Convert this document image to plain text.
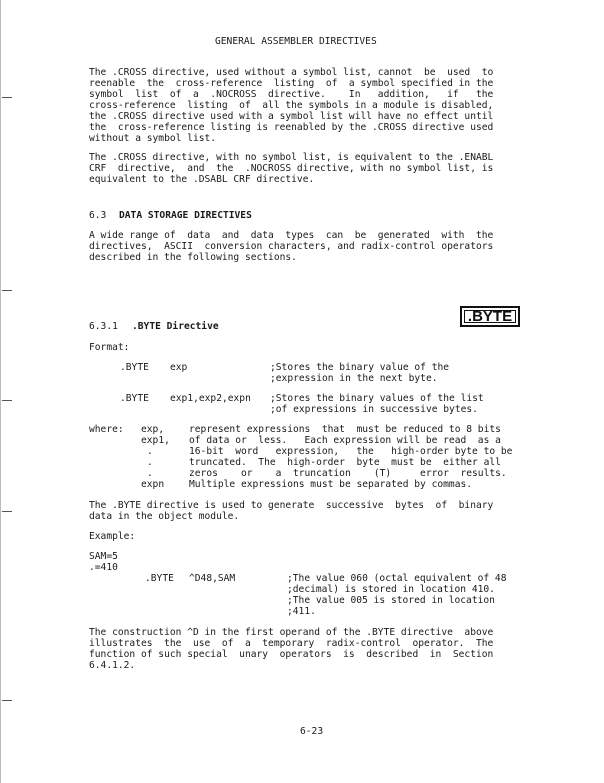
GENERAL ASSEMBLER DIRECTIVES
The .CROSS directive, used without a symbol list, cannot  be  used  to
reenable  the  cross-reference  listing  of  a symbol specified in the
symbol  list  of  a  .NOCROSS  directive.    In   addition,   if   the
cross-reference  listing  of  all the symbols in a module is disabled,
the .CROSS directive used with a symbol list will have no effect until
the  cross-reference listing is reenabled by the .CROSS directive used
without a symbol list.
The .CROSS directive, with no symbol list, is equivalent to the .ENABL
CRF  directive,  and  the  .NOCROSS directive, with no symbol list, is
equivalent to the .DSABL CRF directive.
6.3 DATA STORAGE DIRECTIVES
A wide range of  data  and  data  types  can  be  generated  with  the
directives,  ASCII  conversion characters, and radix-control operators
described in the following sections.
.BYTE
6.3.1 .BYTE Directive
Format:
.BYTE exp	;Stores the binary value of the
;expression in the next byte.
.BYTE exp1,exp2,expn ;Stores the binary values of the list
;of expressions in successive bytes.
where: exp,
exp1,
.
.
.
expn
represent expressions  that  must be reduced to 8 bits
of data or  less.   Each expression will be read  as a
16-bit  word   expression,   the   high-order byte to be
truncated.  The  high-order  byte  must be  either all
zeros    or    a  truncation    (T)     error  results.
Multiple expressions must be separated by commas.
The .BYTE directive is used to generate  successive  bytes  of  binary
data in the object module.
Example:
SAM=5
.=410
.BYTE ^D48,SAM	;The value 060 (octal equivalent of 48
;decimal) is stored in location 410.
;The value 005 is stored in location
;411.
The construction ^D in the first operand of the .BYTE directive  above
illustrates  the  use  of  a  temporary  radix-control  operator.  The
function of such special  unary  operators  is  described  in  Section
6.4.1.2.
6-23
